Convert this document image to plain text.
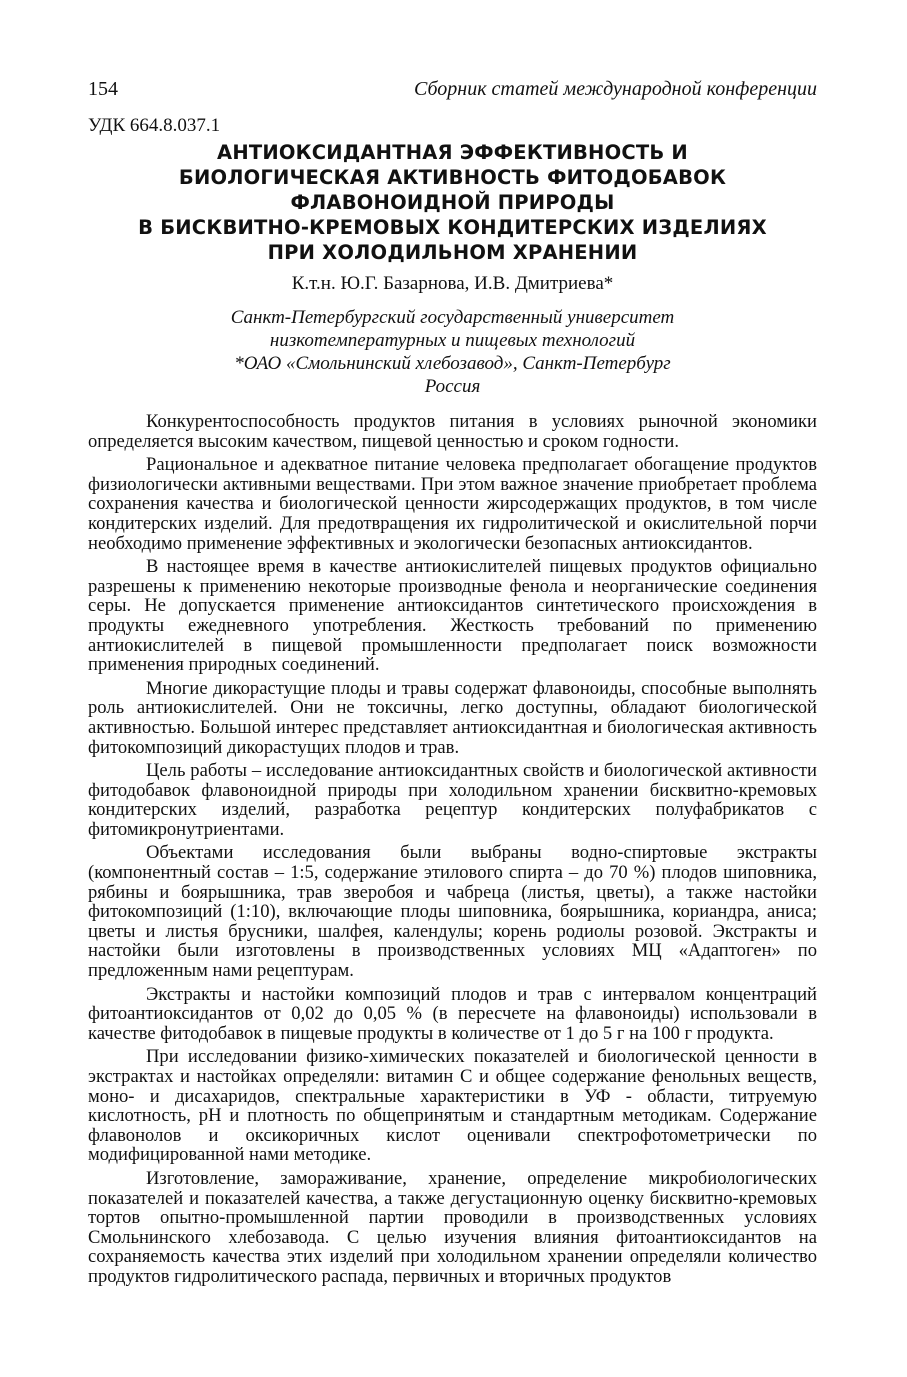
154	Сборник статей международной конференции
УДК 664.8.037.1
АНТИОКСИДАНТНАЯ ЭФФЕКТИВНОСТЬ И
БИОЛОГИЧЕСКАЯ АКТИВНОСТЬ ФИТОДОБАВОК
ФЛАВОНОИДНОЙ ПРИРОДЫ
В БИСКВИТНО-КРЕМОВЫХ КОНДИТЕРСКИХ ИЗДЕЛИЯХ
ПРИ ХОЛОДИЛЬНОМ ХРАНЕНИИ
К.т.н. Ю.Г. Базарнова, И.В. Дмитриева*
Санкт-Петербургский государственный университет
низкотемпературных и пищевых технологий
*ОАО «Смольнинский хлебозавод», Санкт-Петербург
Россия

Конкурентоспособность продуктов питания в условиях рыночной экономики определяется высоким качеством, пищевой ценностью и сроком годности.

Рациональное и адекватное питание человека предполагает обогащение продуктов физиологически активными веществами. При этом важное значение приобретает проблема сохранения качества и биологической ценности жирсодержащих продуктов, в том числе кондитерских изделий. Для предотвращения их гидролитической и окислительной порчи необходимо применение эффективных и экологически безопасных антиоксидантов.

В настоящее время в качестве антиокислителей пищевых продуктов официально разрешены к применению некоторые производные фенола и неорганические соединения серы. Не допускается применение антиоксидантов синтетического происхождения в продукты ежедневного употребления. Жесткость требований по применению антиокислителей в пищевой промышленности предполагает поиск возможности применения природных соединений.

Многие дикорастущие плоды и травы содержат флавоноиды, способные выполнять роль антиокислителей. Они не токсичны, легко доступны, обладают биологической активностью. Большой интерес представляет антиоксидантная и биологическая активность фитокомпозиций дикорастущих плодов и трав.

Цель работы – исследование антиоксидантных свойств и биологической активности фитодобавок флавоноидной природы при холодильном хранении бисквитно-кремовых кондитерских изделий, разработка рецептур кондитерских полуфабрикатов с фитомикронутриентами.

Объектами исследования были выбраны водно-спиртовые экстракты (компонентный состав – 1:5, содержание этилового спирта – до 70 %) плодов шиповника, рябины и боярышника, трав зверобоя и чабреца (листья, цветы), а также настойки фитокомпозиций (1:10), включающие плоды шиповника, боярышника, кориандра, аниса; цветы и листья брусники, шалфея, календулы; корень родиолы розовой. Экстракты и настойки были изготовлены в производственных условиях МЦ «Адаптоген» по предложенным нами рецептурам.

Экстракты и настойки композиций плодов и трав с интервалом концентраций фитоантиоксидантов от 0,02 до 0,05 % (в пересчете на флавоноиды) использовали в качестве фитодобавок в пищевые продукты в количестве от 1 до 5 г на 100 г продукта.

При исследовании физико-химических показателей и биологической ценности в экстрактах и настойках определяли: витамин С и общее содержание фенольных веществ, моно- и дисахаридов, спектральные характеристики в УФ - области, титруемую кислотность, рН и плотность по общепринятым и стандартным методикам. Содержание флавонолов и оксикоричных кислот оценивали спектрофотометрически по модифицированной нами методике.

Изготовление, замораживание, хранение, определение микробиологических показателей и показателей качества, а также дегустационную оценку бисквитно-кремовых тортов опытно-промышленной партии проводили в производственных условиях Смольнинского хлебозавода. С целью изучения влияния фитоантиоксидантов на сохраняемость качества этих изделий при холодильном хранении определяли количество продуктов гидролитического распада, первичных и вторичных продуктов
